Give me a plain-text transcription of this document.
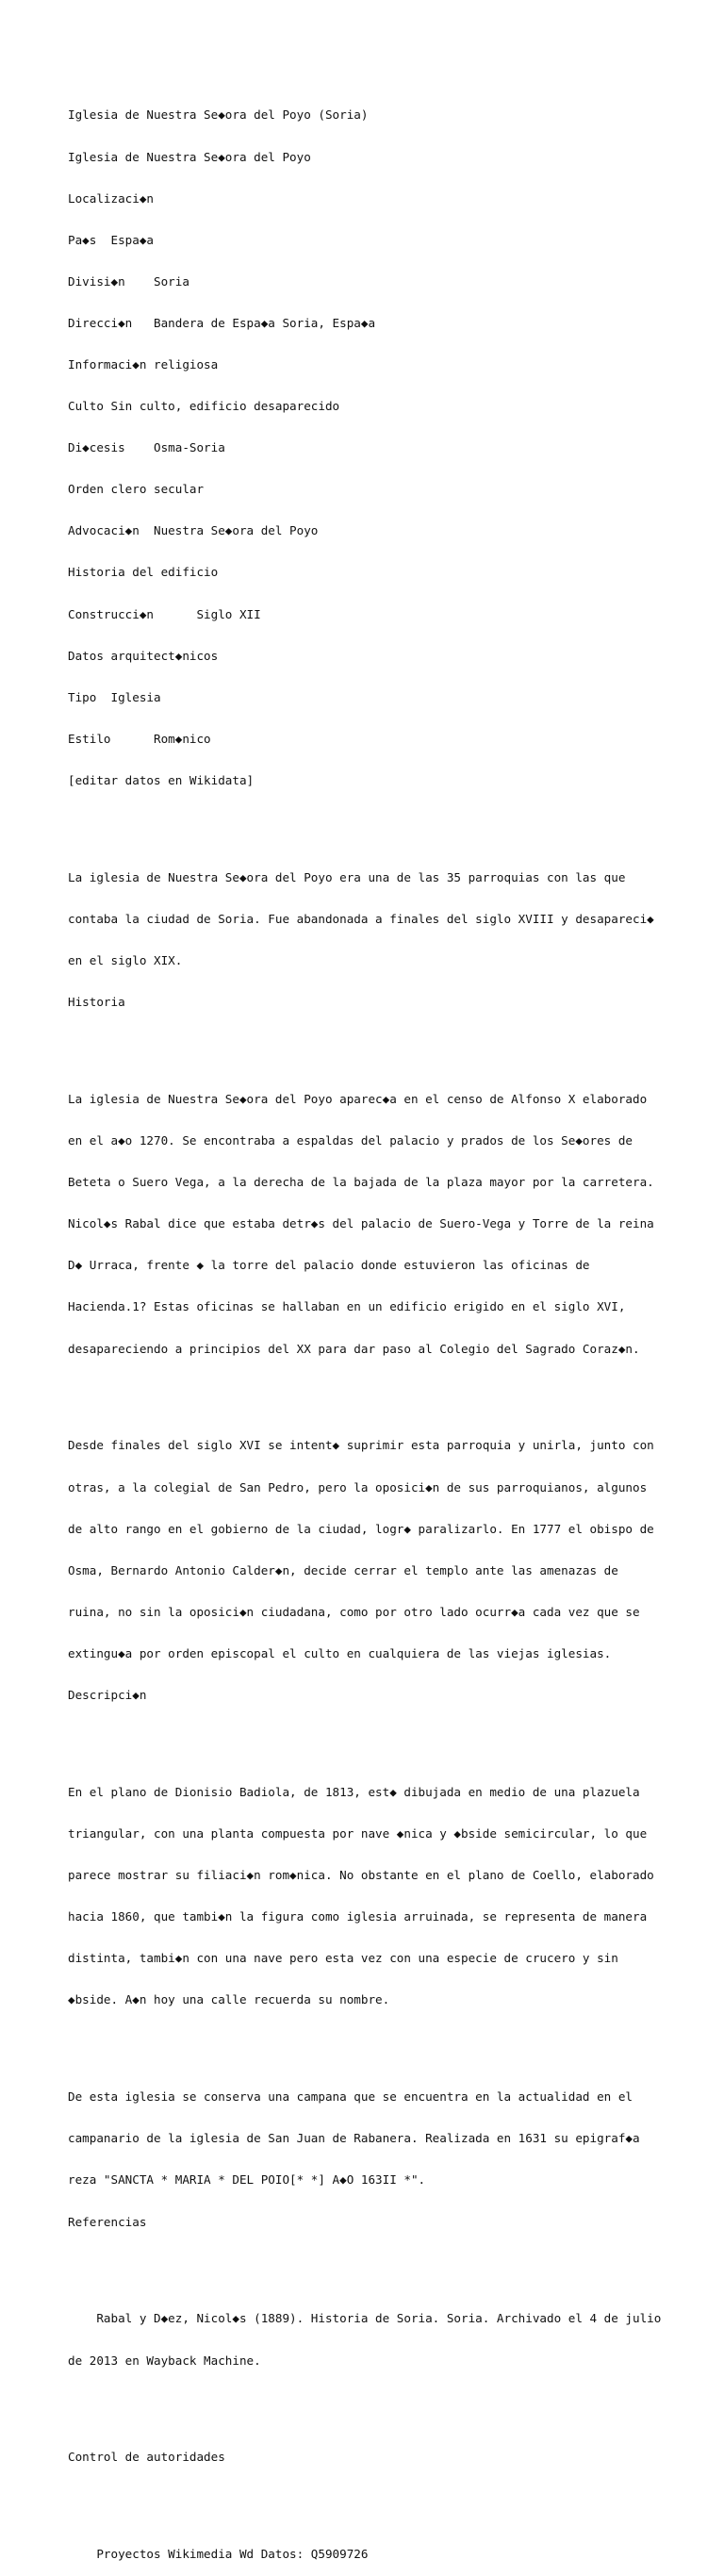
Iglesia de Nuestra Se◆ora del Poyo (Soria)

Iglesia de Nuestra Se◆ora del Poyo

Localizaci◆n

Pa◆s  Espa◆a

Divisi◆n    Soria

Direcci◆n   Bandera de Espa◆a Soria, Espa◆a

Informaci◆n religiosa

Culto Sin culto, edificio desaparecido

Di◆cesis    Osma-Soria

Orden clero secular

Advocaci◆n  Nuestra Se◆ora del Poyo

Historia del edificio

Construcci◆n      Siglo XII

Datos arquitect◆nicos

Tipo  Iglesia

Estilo      Rom◆nico

[editar datos en Wikidata]

La iglesia de Nuestra Se◆ora del Poyo era una de las 35 parroquias con las que

contaba la ciudad de Soria. Fue abandonada a finales del siglo XVIII y desapareci◆

en el siglo XIX.

Historia

La iglesia de Nuestra Se◆ora del Poyo aparec◆a en el censo de Alfonso X elaborado

en el a◆o 1270. Se encontraba a espaldas del palacio y prados de los Se◆ores de

Beteta o Suero Vega, a la derecha de la bajada de la plaza mayor por la carretera.

Nicol◆s Rabal dice que estaba detr◆s del palacio de Suero-Vega y Torre de la reina

D◆ Urraca, frente ◆ la torre del palacio donde estuvieron las oficinas de

Hacienda.1? Estas oficinas se hallaban en un edificio erigido en el siglo XVI,

desapareciendo a principios del XX para dar paso al Colegio del Sagrado Coraz◆n.

Desde finales del siglo XVI se intent◆ suprimir esta parroquia y unirla, junto con

otras, a la colegial de San Pedro, pero la oposici◆n de sus parroquianos, algunos

de alto rango en el gobierno de la ciudad, logr◆ paralizarlo. En 1777 el obispo de

Osma, Bernardo Antonio Calder◆n, decide cerrar el templo ante las amenazas de

ruina, no sin la oposici◆n ciudadana, como por otro lado ocurr◆a cada vez que se

extingu◆a por orden episcopal el culto en cualquiera de las viejas iglesias.

Descripci◆n

En el plano de Dionisio Badiola, de 1813, est◆ dibujada en medio de una plazuela

triangular, con una planta compuesta por nave ◆nica y ◆bside semicircular, lo que

parece mostrar su filiaci◆n rom◆nica. No obstante en el plano de Coello, elaborado

hacia 1860, que tambi◆n la figura como iglesia arruinada, se representa de manera

distinta, tambi◆n con una nave pero esta vez con una especie de crucero y sin

◆bside. A◆n hoy una calle recuerda su nombre.

De esta iglesia se conserva una campana que se encuentra en la actualidad en el

campanario de la iglesia de San Juan de Rabanera. Realizada en 1631 su epigraf◆a

reza "SANCTA * MARIA * DEL POIO[* *] A◆O 163II *".

Referencias

Rabal y D◆ez, Nicol◆s (1889). Historia de Soria. Soria. Archivado el 4 de julio

de 2013 en Wayback Machine.

Control de autoridades

Proyectos Wikimedia Wd Datos: Q5909726
